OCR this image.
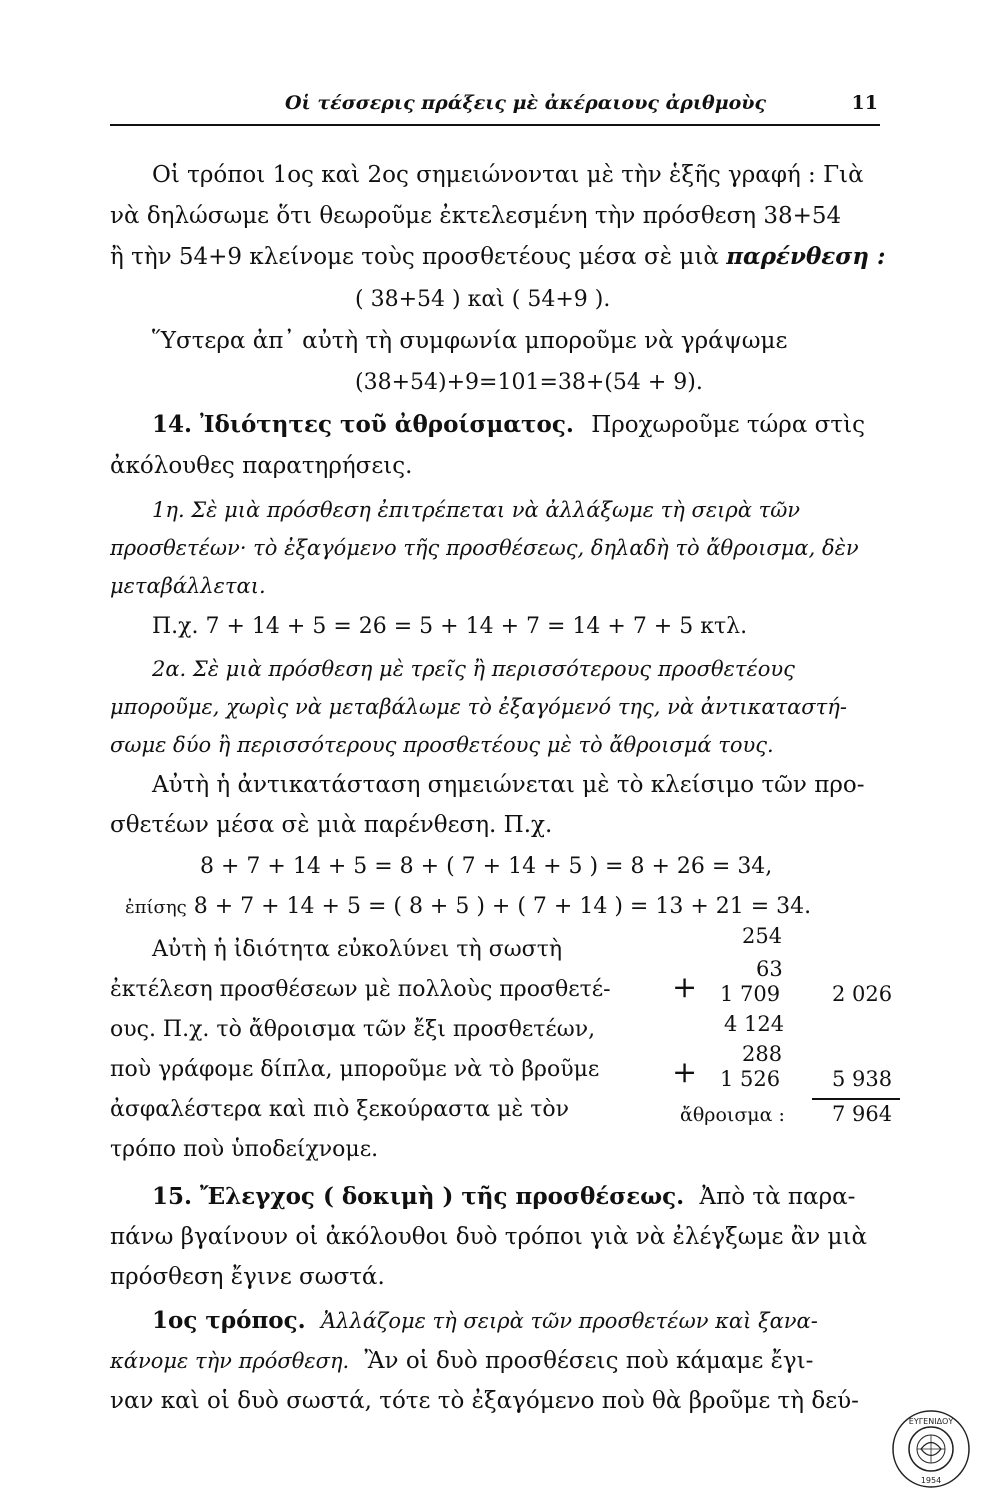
Οἱ τέσσερις πράξεις μὲ ἀκέραιους ἀριθμοὺς	11
Οἱ τρόποι 1ος καὶ 2ος σημειώνονται μὲ τὴν ἑξῆς γραφή : Γιὰ
νὰ δηλώσωμε ὅτι θεωροῦμε ἐκτελεσμένη τὴν πρόσθεση 38+54
ἢ τὴν 54+9 κλείνομε τοὺς προσθετέους μέσα σὲ μιὰ παρένθεση :
( 38+54 ) καὶ ( 54+9 ).
Ὕστερα ἀπ᾽ αὐτὴ τὴ συμφωνία μποροῦμε νὰ γράψωμε
(38+54)+9=101=38+(54 + 9).
14. Ἰδιότητες τοῦ ἀθροίσματος. Προχωροῦμε τώρα στὶς
ἀκόλουθες παρατηρήσεις.
1η. Σὲ μιὰ πρόσθεση ἐπιτρέπεται νὰ ἀλλάξωμε τὴ σειρὰ τῶν
προσθετέων· τὸ ἐξαγόμενο τῆς προσθέσεως, δηλαδὴ τὸ ἄθροισμα, δὲν
μεταβάλλεται.
Π.χ. 7 + 14 + 5 = 26 = 5 + 14 + 7 = 14 + 7 + 5 κτλ.
2α. Σὲ μιὰ πρόσθεση μὲ τρεῖς ἢ περισσότερους προσθετέους
μποροῦμε, χωρὶς νὰ μεταβάλωμε τὸ ἐξαγόμενό της, νὰ ἀντικαταστή-
σωμε δύο ἢ περισσότερους προσθετέους μὲ τὸ ἄθροισμά τους.
Αὐτὴ ἡ ἀντικατάσταση σημειώνεται μὲ τὸ κλείσιμο τῶν προ-
σθετέων μέσα σὲ μιὰ παρένθεση. Π.χ.
8 + 7 + 14 + 5 = 8 + ( 7 + 14 + 5 ) = 8 + 26 = 34,
ἐπίσης 8 + 7 + 14 + 5 = ( 8 + 5 ) + ( 7 + 14 ) = 13 + 21 = 34.
Αὐτὴ ἡ ἰδιότητα εὐκολύνει τὴ σωστὴ
ἐκτέλεση προσθέσεων μὲ πολλοὺς προσθετέ-
ους. Π.χ. τὸ ἄθροισμα τῶν ἔξι προσθετέων,
ποὺ γράφομε δίπλα, μποροῦμε νὰ τὸ βροῦμε
ἀσφαλέστερα καὶ πιὸ ξεκούραστα μὲ τὸν
τρόπο ποὺ ὑποδείχνομε.
254
63
+ 1 709 2 026
4 124
288
+ 1 526 5 938
ἄθροισμα : 7 964
15. Ἔλεγχος ( δοκιμὴ ) τῆς προσθέσεως. Ἀπὸ τὰ παρα-
πάνω βγαίνουν οἱ ἀκόλουθοι δυὸ τρόποι γιὰ νὰ ἐλέγξωμε ἂν μιὰ
πρόσθεση ἔγινε σωστά.
1ος τρόπος. Ἀλλάζομε τὴ σειρὰ τῶν προσθετέων καὶ ξανα-
κάνομε τὴν πρόσθεση. Ἂν οἱ δυὸ προσθέσεις ποὺ κάμαμε ἔγι-
ναν καὶ οἱ δυὸ σωστά, τότε τὸ ἐξαγόμενο ποὺ θὰ βροῦμε τὴ δεύ-
ΕΥΓΕΝΙΔΟΥ
1954
